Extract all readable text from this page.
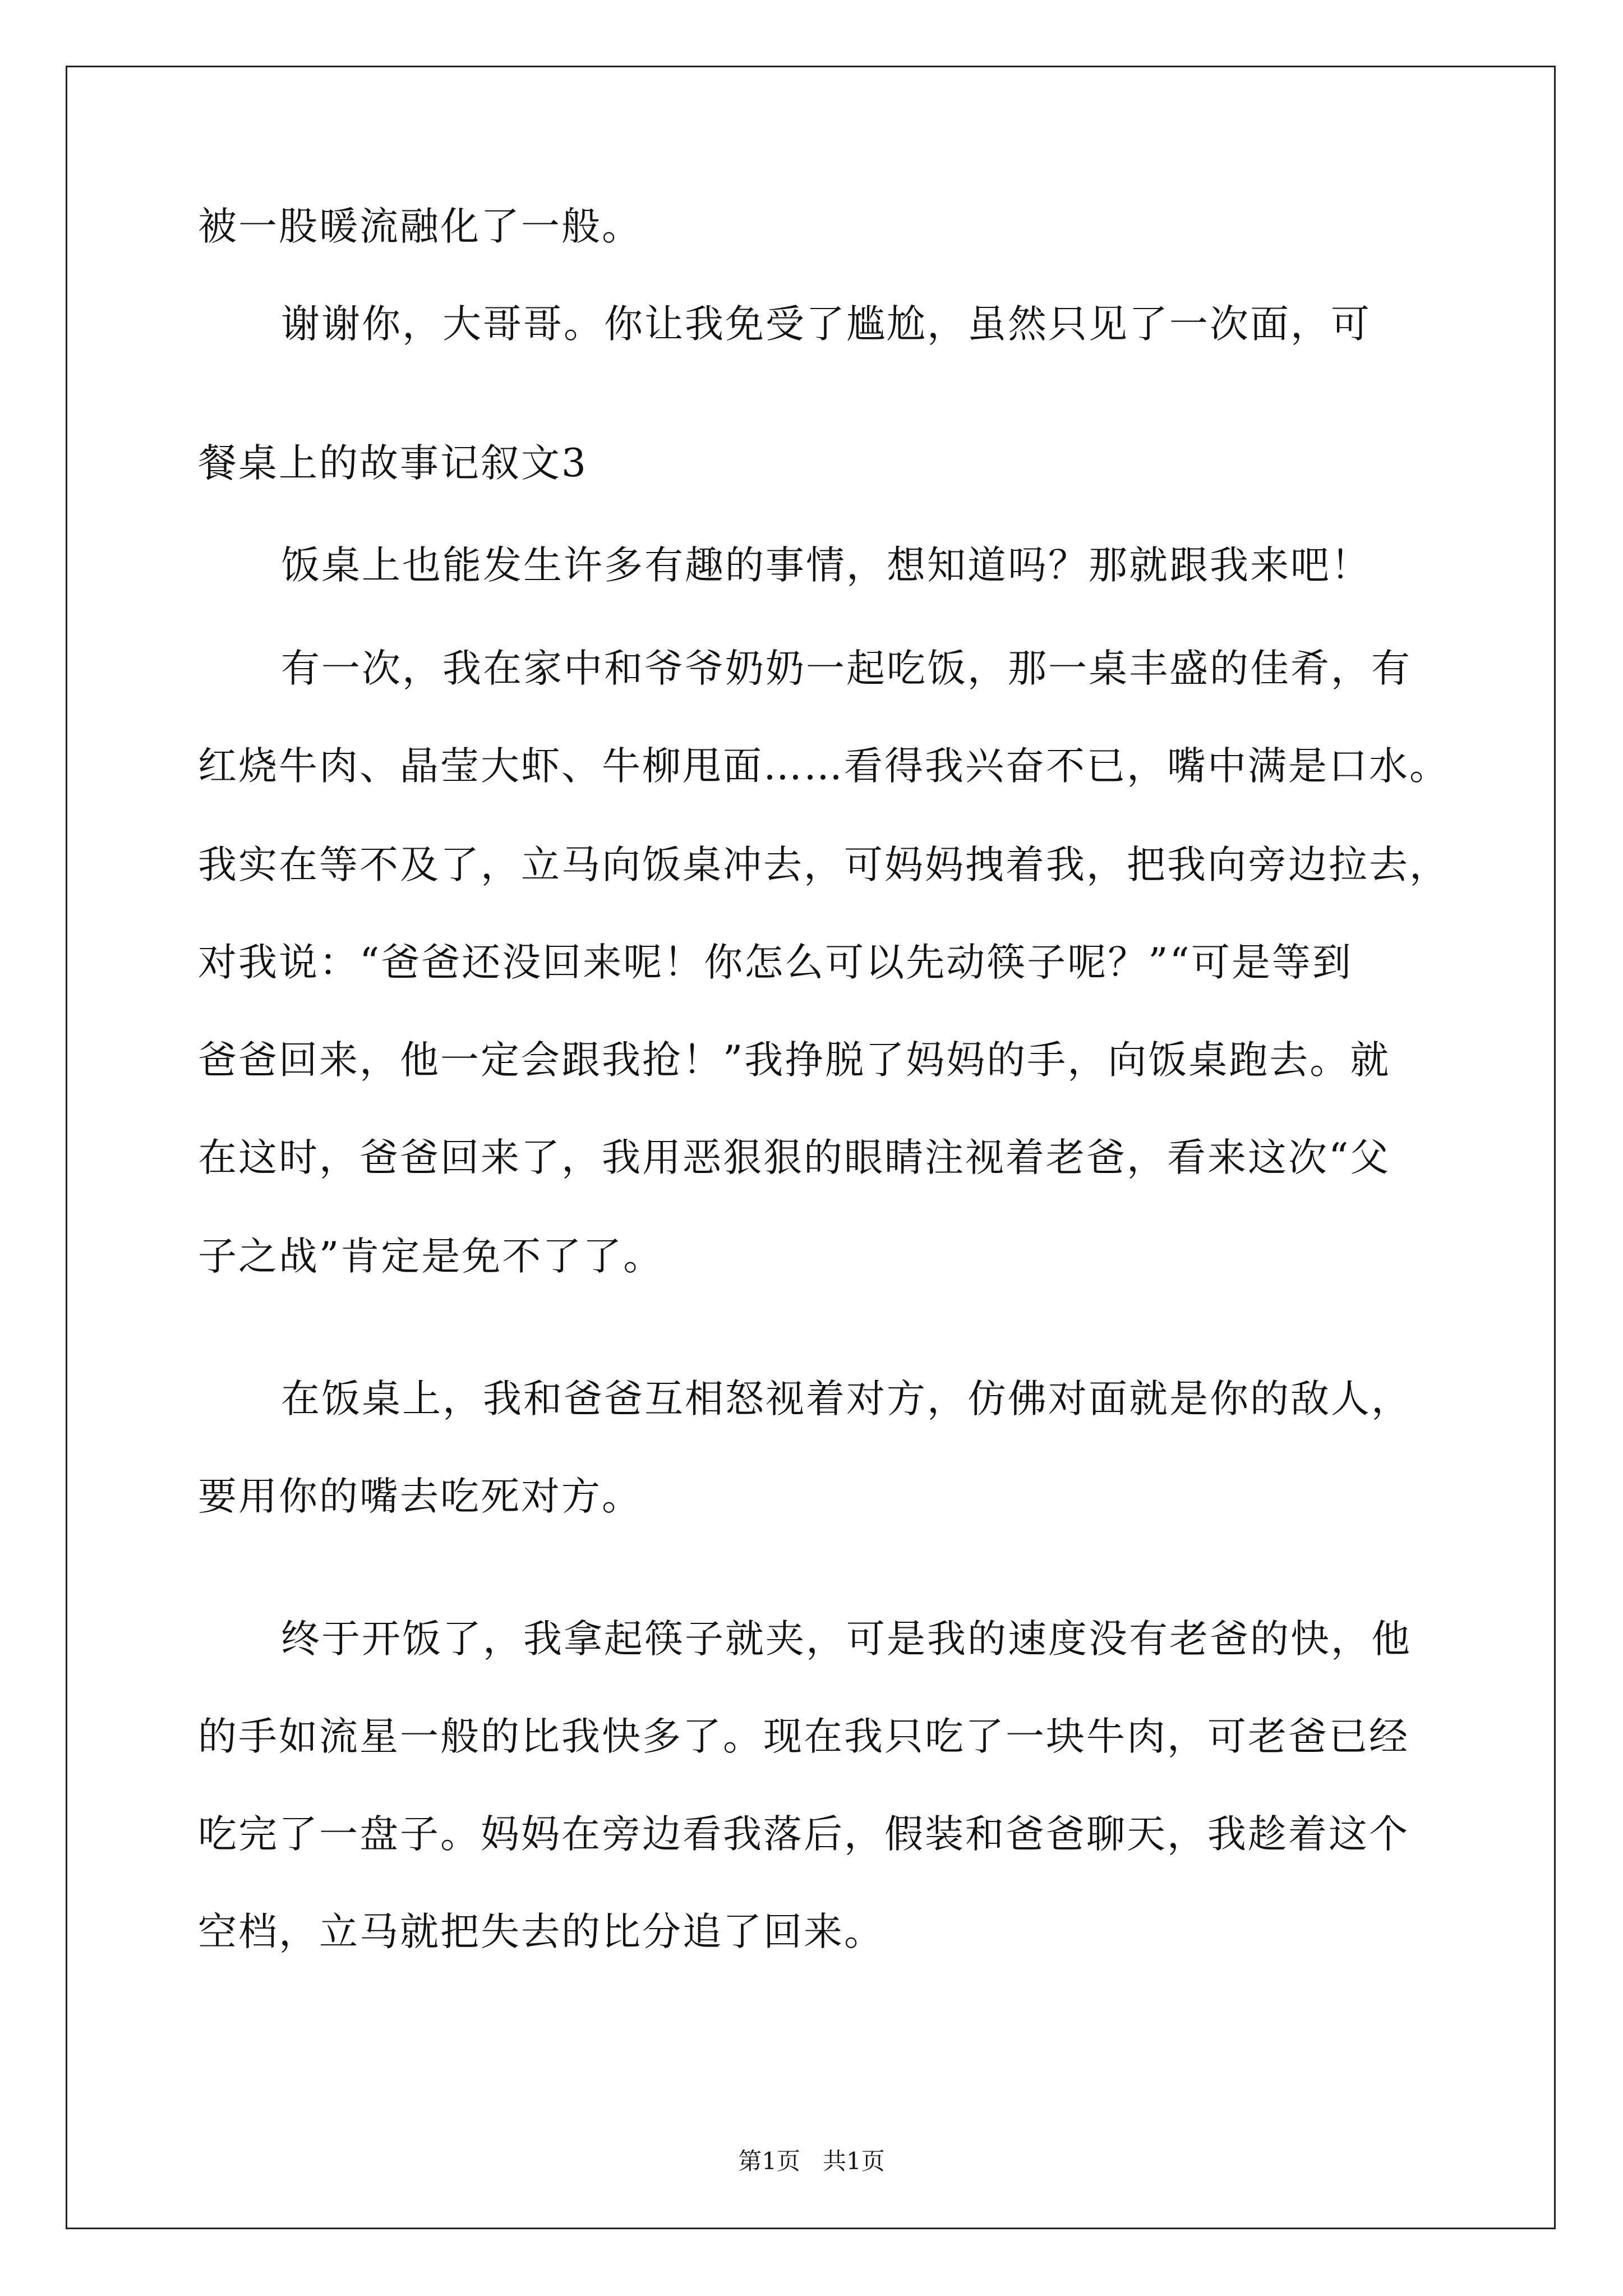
被一股暖流融化了一般。
谢谢你，大哥哥。你让我免受了尴尬，虽然只见了一次面，可
餐桌上的故事记叙文3
饭桌上也能发生许多有趣的事情，想知道吗？那就跟我来吧！
有一次，我在家中和爷爷奶奶一起吃饭，那一桌丰盛的佳肴，有
红烧牛肉、晶莹大虾、牛柳甩面……看得我兴奋不已，嘴中满是口水。
我实在等不及了，立马向饭桌冲去，可妈妈拽着我，把我向旁边拉去，
对我说：“爸爸还没回来呢！你怎么可以先动筷子呢？”“可是等到
爸爸回来，他一定会跟我抢！”我挣脱了妈妈的手，向饭桌跑去。就
在这时，爸爸回来了，我用恶狠狠的眼睛注视着老爸，看来这次“父
子之战”肯定是免不了了。
在饭桌上，我和爸爸互相怒视着对方，仿佛对面就是你的敌人，
要用你的嘴去吃死对方。
终于开饭了，我拿起筷子就夹，可是我的速度没有老爸的快，他
的手如流星一般的比我快多了。现在我只吃了一块牛肉，可老爸已经
吃完了一盘子。妈妈在旁边看我落后，假装和爸爸聊天，我趁着这个
空档，立马就把失去的比分追了回来。
第1页   共1页
